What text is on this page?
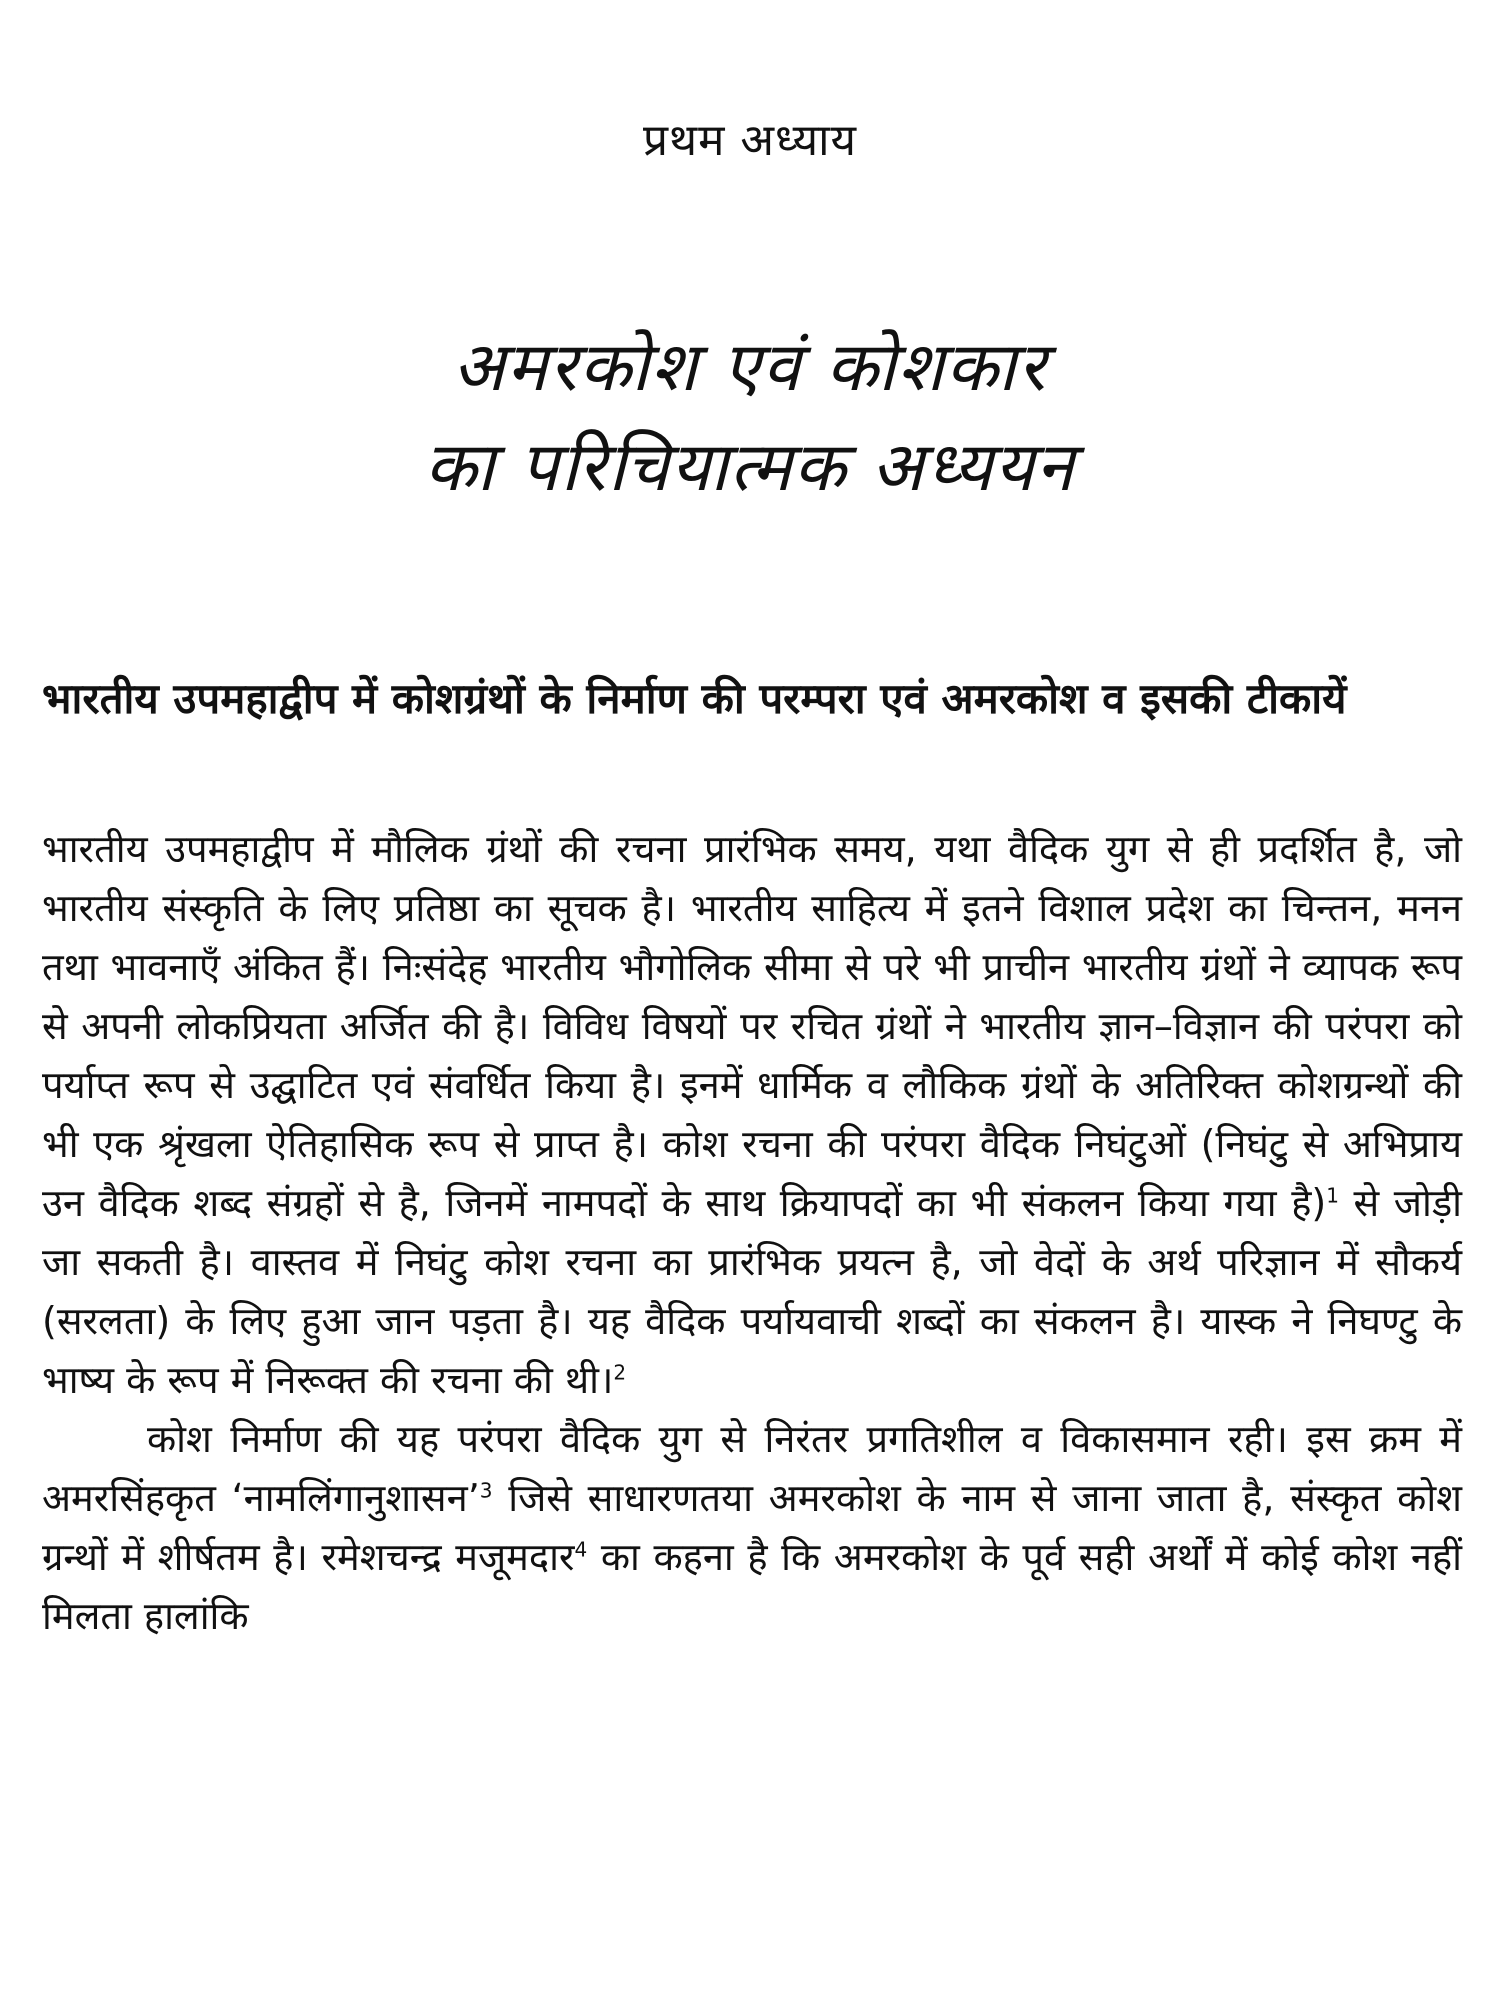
प्रथम अध्याय
अमरकोश एवं कोशकार
का परिचियात्मक अध्ययन
भारतीय उपमहाद्वीप में कोशग्रंथों के निर्माण की परम्परा एवं अमरकोश व इसकी टीकायें

भारतीय उपमहाद्वीप में मौलिक ग्रंथों की रचना प्रारंभिक समय, यथा वैदिक युग से ही प्रदर्शित है, जो भारतीय संस्कृति के लिए प्रतिष्ठा का सूचक है। भारतीय साहित्य में इतने विशाल प्रदेश का चिन्तन, मनन तथा भावनाएँ अंकित हैं। निःसंदेह भारतीय भौगोलिक सीमा से परे भी प्राचीन भारतीय ग्रंथों ने व्यापक रूप से अपनी लोकप्रियता अर्जित की है। विविध विषयों पर रचित ग्रंथों ने भारतीय ज्ञान–विज्ञान की परंपरा को पर्याप्त रूप से उद्घाटित एवं संवर्धित किया है। इनमें धार्मिक व लौकिक ग्रंथों के अतिरिक्त कोशग्रन्थों की भी एक श्रृंखला ऐतिहासिक रूप से प्राप्त है। कोश रचना की परंपरा वैदिक निघंटुओं (निघंटु से अभिप्राय उन वैदिक शब्द संग्रहों से है, जिनमें नामपदों के साथ क्रियापदों का भी संकलन किया गया है)$^1$ से जोड़ी जा सकती है। वास्तव में निघंटु कोश रचना का प्रारंभिक प्रयत्न है, जो वेदों के अर्थ परिज्ञान में सौकर्य (सरलता) के लिए हुआ जान पड़ता है। यह वैदिक पर्यायवाची शब्दों का संकलन है। यास्क ने निघण्टु के भाष्य के रूप में निरूक्त की रचना की थी।$^2$

कोश निर्माण की यह परंपरा वैदिक युग से निरंतर प्रगतिशील व विकासमान रही। इस क्रम में अमरसिंहकृत ‘नामलिंगानुशासन’$^3$ जिसे साधारणतया अमरकोश के नाम से जाना जाता है, संस्कृत कोश ग्रन्थों में शीर्षतम है। रमेशचन्द्र मजूमदार$^4$ का कहना है कि अमरकोश के पूर्व सही अर्थों में कोई कोश नहीं मिलता हालांकि
